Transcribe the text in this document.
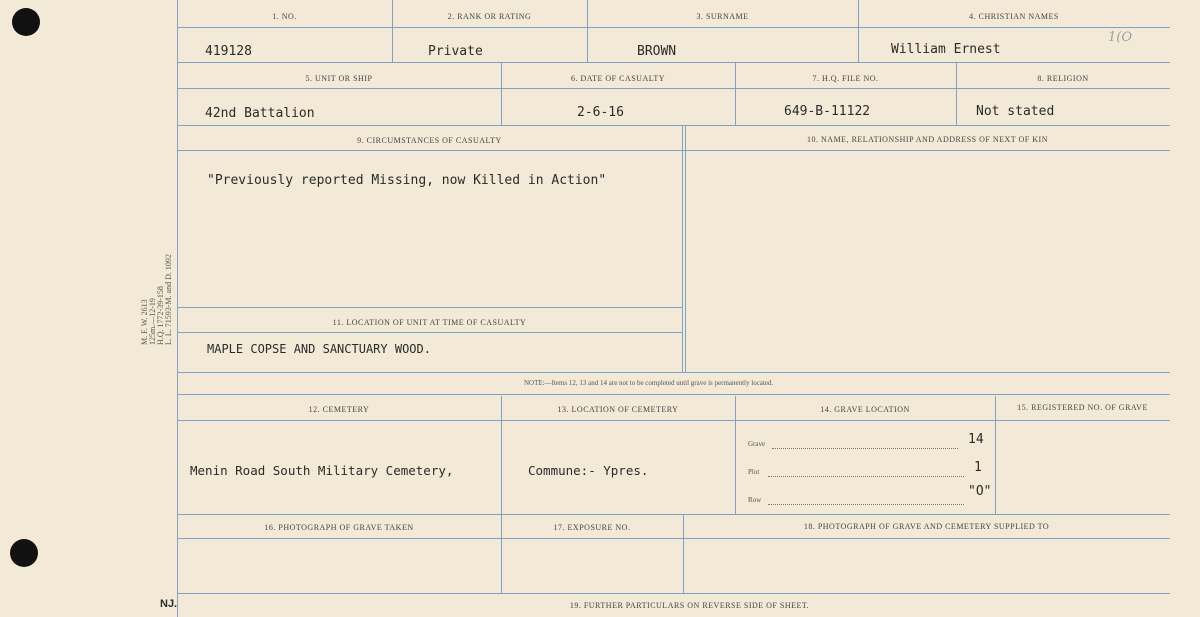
M. F. W. 2613 125m.—12-19 H.Q. 1772-39-158 L. L. 71593-M. and D. 1092
1. NO.	2. RANK OR RATING	3. SURNAME	4. CHRISTIAN NAMES
419128	Private	BROWN	William Ernest
1(O
5. UNIT OR SHIP	6. DATE OF CASUALTY	7. H.Q. FILE NO.	8. RELIGION
42nd Battalion	2-6-16	649-B-11122	Not stated
9. CIRCUMSTANCES OF CASUALTY	10. NAME, RELATIONSHIP AND ADDRESS OF NEXT OF KIN
"Previously reported Missing, now Killed in Action"
11. LOCATION OF UNIT AT TIME OF CASUALTY
MAPLE COPSE AND SANCTUARY WOOD.
NOTE:—Items 12, 13 and 14 are not to be completed until grave is permanently located.
12. CEMETERY	13. LOCATION OF CEMETERY	14. GRAVE LOCATION	15. REGISTERED NO. OF GRAVE
Menin Road South Military Cemetery,	Commune:- Ypres.
Grave	14
Plot	1
Row
"O"
16. PHOTOGRAPH OF GRAVE TAKEN	17. EXPOSURE NO.	18. PHOTOGRAPH OF GRAVE AND CEMETERY SUPPLIED TO
19. FURTHER PARTICULARS ON REVERSE SIDE OF SHEET.
NJ.
